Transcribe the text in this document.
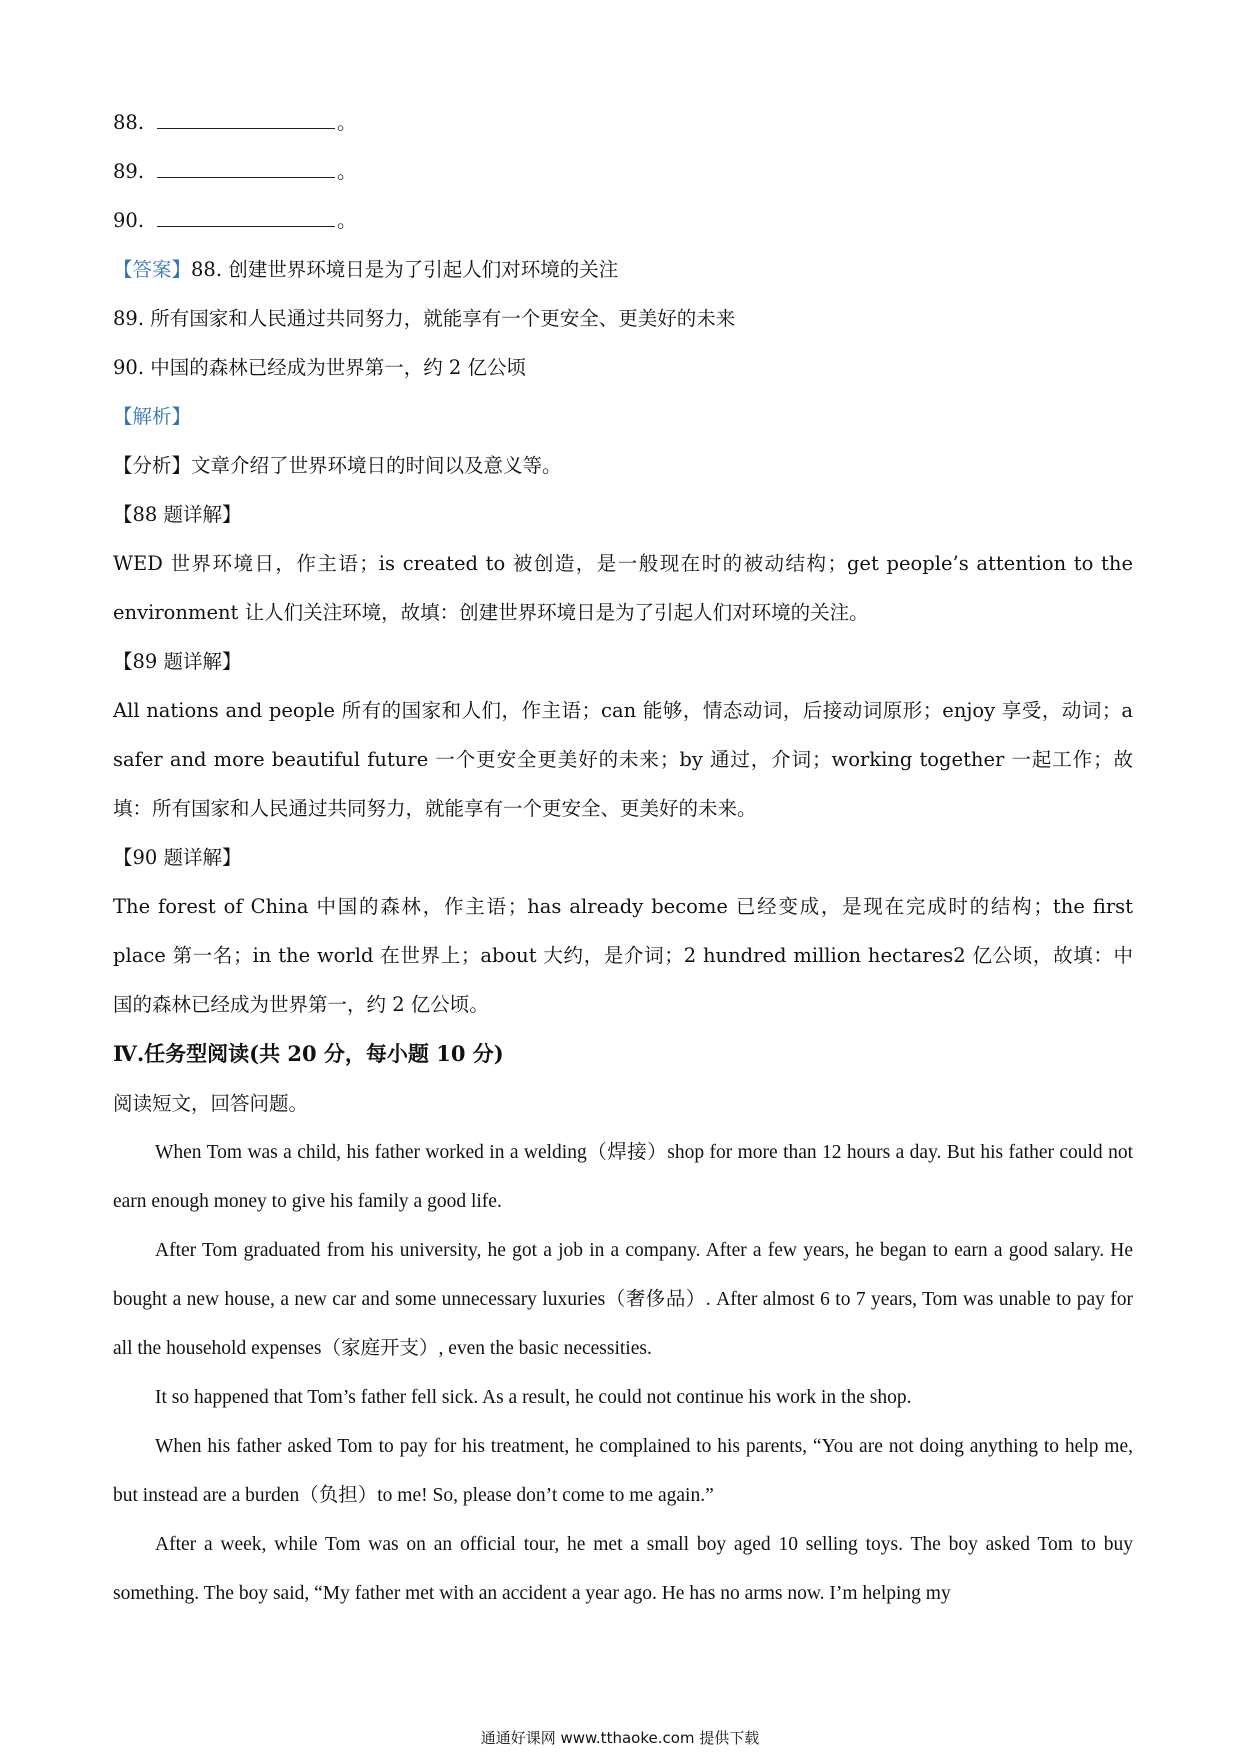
88.	。
89.	。
90.	。
【答案】88. 创建世界环境日是为了引起人们对环境的关注
89. 所有国家和人民通过共同努力，就能享有一个更安全、更美好的未来
90. 中国的森林已经成为世界第一，约 2 亿公顷
【解析】
【分析】文章介绍了世界环境日的时间以及意义等。
【88 题详解】
WED 世界环境日，作主语；is created to 被创造，是一般现在时的被动结构；get people’s attention to the environment 让人们关注环境，故填：创建世界环境日是为了引起人们对环境的关注。
【89 题详解】
All nations and people 所有的国家和人们，作主语；can 能够，情态动词，后接动词原形；enjoy 享受，动词；a safer and more beautiful future 一个更安全更美好的未来；by 通过，介词；working together 一起工作；故填：所有国家和人民通过共同努力，就能享有一个更安全、更美好的未来。
【90 题详解】
The forest of China 中国的森林，作主语；has already become 已经变成，是现在完成时的结构；the first place 第一名；in the world 在世界上；about 大约，是介词；2 hundred million hectares2 亿公顷，故填：中国的森林已经成为世界第一，约 2 亿公顷。
Ⅳ.任务型阅读(共 20 分，每小题 10 分)
阅读短文，回答问题。
When Tom was a child, his father worked in a welding（焊接）shop for more than 12 hours a day. But his father could not earn enough money to give his family a good life.
After Tom graduated from his university, he got a job in a company. After a few years, he began to earn a good salary. He bought a new house, a new car and some unnecessary luxuries（奢侈品）. After almost 6 to 7 years, Tom was unable to pay for all the household expenses（家庭开支）, even the basic necessities.
It so happened that Tom’s father fell sick. As a result, he could not continue his work in the shop.
When his father asked Tom to pay for his treatment, he complained to his parents, “You are not doing anything to help me, but instead are a burden（负担）to me! So, please don’t come to me again.”
After a week, while Tom was on an official tour, he met a small boy aged 10 selling toys. The boy asked Tom to buy something. The boy said, “My father met with an accident a year ago. He has no arms now. I’m helping my
通通好课网 www.tthaoke.com 提供下载
